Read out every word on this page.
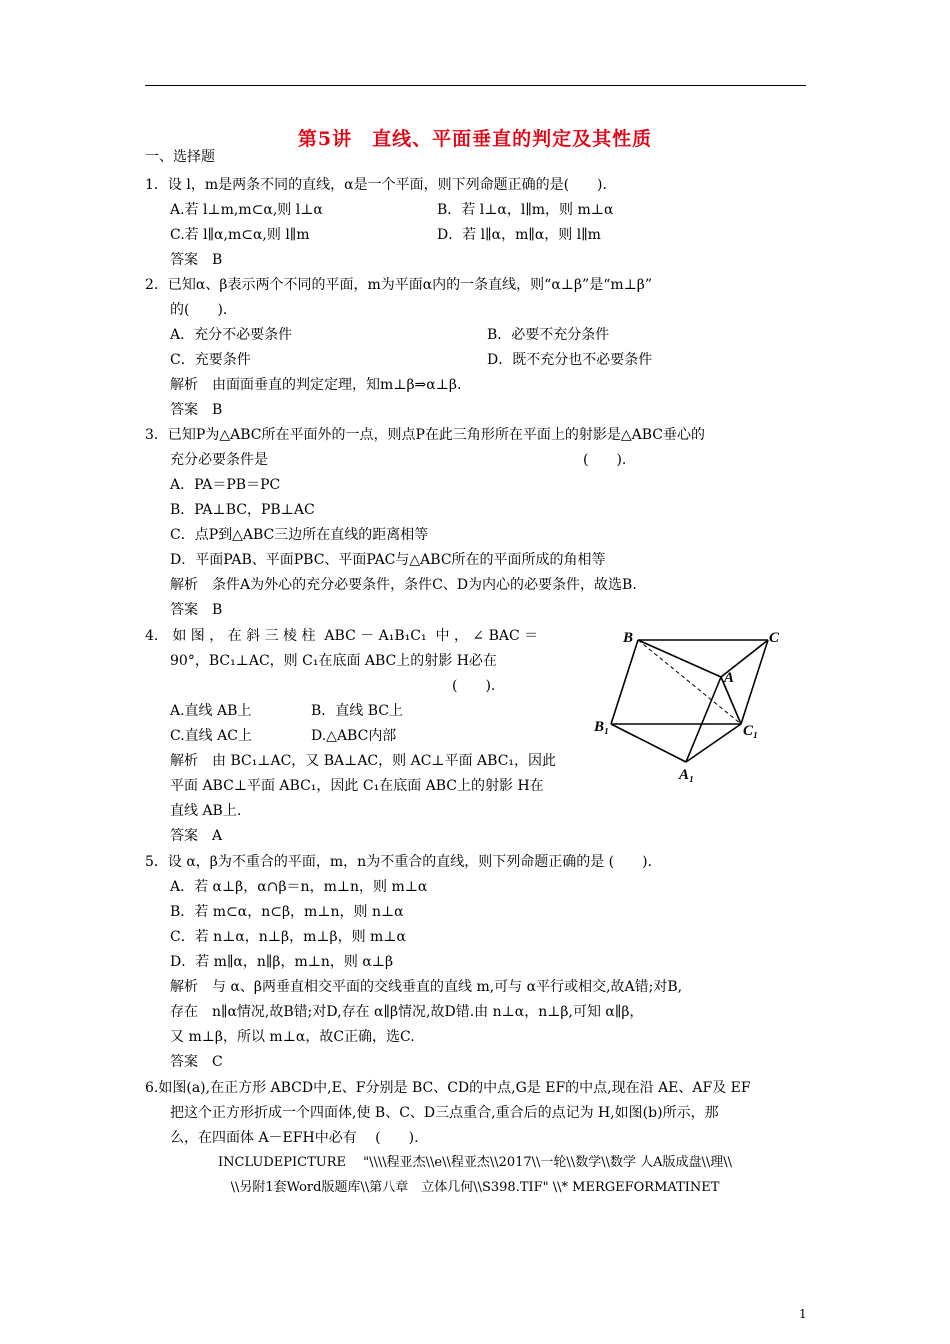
第5讲　直线、平面垂直的判定及其性质
一、选择题
1．设 l，m是两条不同的直线，α是一个平面，则下列命题正确的是(　　)．
A.若 l⊥m,m⊂α,则 l⊥α	B．若 l⊥α，l∥m，则 m⊥α
C.若 l∥α,m⊂α,则 l∥m	D．若 l∥α，m∥α，则 l∥m
答案　B
2．已知α、β表示两个不同的平面，m为平面α内的一条直线，则“α⊥β”是“m⊥β”
的(　　)．
A．充分不必要条件	B．必要不充分条件
C．充要条件	D．既不充分也不必要条件
解析　由面面垂直的判定定理，知m⊥β⇒α⊥β.
答案　B
3．已知P为△ABC所在平面外的一点，则点P在此三角形所在平面上的射影是△ABC垂心的
充分必要条件是	(　　).
A．PA＝PB＝PC
B．PA⊥BC，PB⊥AC
C．点P到△ABC三边所在直线的距离相等
D．平面PAB、平面PBC、平面PAC与△ABC所在的平面所成的角相等
解析　条件A为外心的充分必要条件，条件C、D为内心的必要条件，故选B.
答案　B
4.　如 图 ， 在 斜 三 棱 柱  ABC － A₁B₁C₁  中 ， ∠ BAC ＝
90°，BC₁⊥AC，则 C₁在底面 ABC上的射影 H必在
(　　).
A.直线 AB上	B．直线 BC上
C.直线 AC上	D.△ABC内部
解析　由 BC₁⊥AC，又 BA⊥AC，则 AC⊥平面 ABC₁，因此
平面 ABC⊥平面 ABC₁，因此 C₁在底面 ABC上的射影 H在
直线 AB上.
答案　A
5．设 α，β为不重合的平面，m，n为不重合的直线，则下列命题正确的是 (　　)．
A．若 α⊥β，α∩β＝n，m⊥n，则 m⊥α
B．若 m⊂α，n⊂β，m⊥n，则 n⊥α
C．若 n⊥α，n⊥β，m⊥β，则 m⊥α
D．若 m∥α，n∥β，m⊥n，则 α⊥β
解析　与 α、β两垂直相交平面的交线垂直的直线 m,可与 α平行或相交,故A错;对B,
存在　n∥α情况,故B错;对D,存在 α∥β情况,故D错.由 n⊥α，n⊥β,可知 α∥β，
又 m⊥β，所以 m⊥α，故C正确，选C.
答案　C
6.如图(a),在正方形 ABCD中,E、F分别是 BC、CD的中点,G是 EF的中点,现在沿 AE、AF及 EF
把这个正方形折成一个四面体,使 B、C、D三点重合,重合后的点记为 H,如图(b)所示，那
么，在四面体 A－EFH中必有　 (　　).
B	C
A
B₁	C₁
A₁
INCLUDEPICTURE　 "\\\\程亚杰\\e\\程亚杰\\2017\\一轮\\数学\\数学 人A版成盘\\理\\
\\另附1套Word版题库\\第八章　立体几何\\S398.TIF" \\* MERGEFORMATINET
1
